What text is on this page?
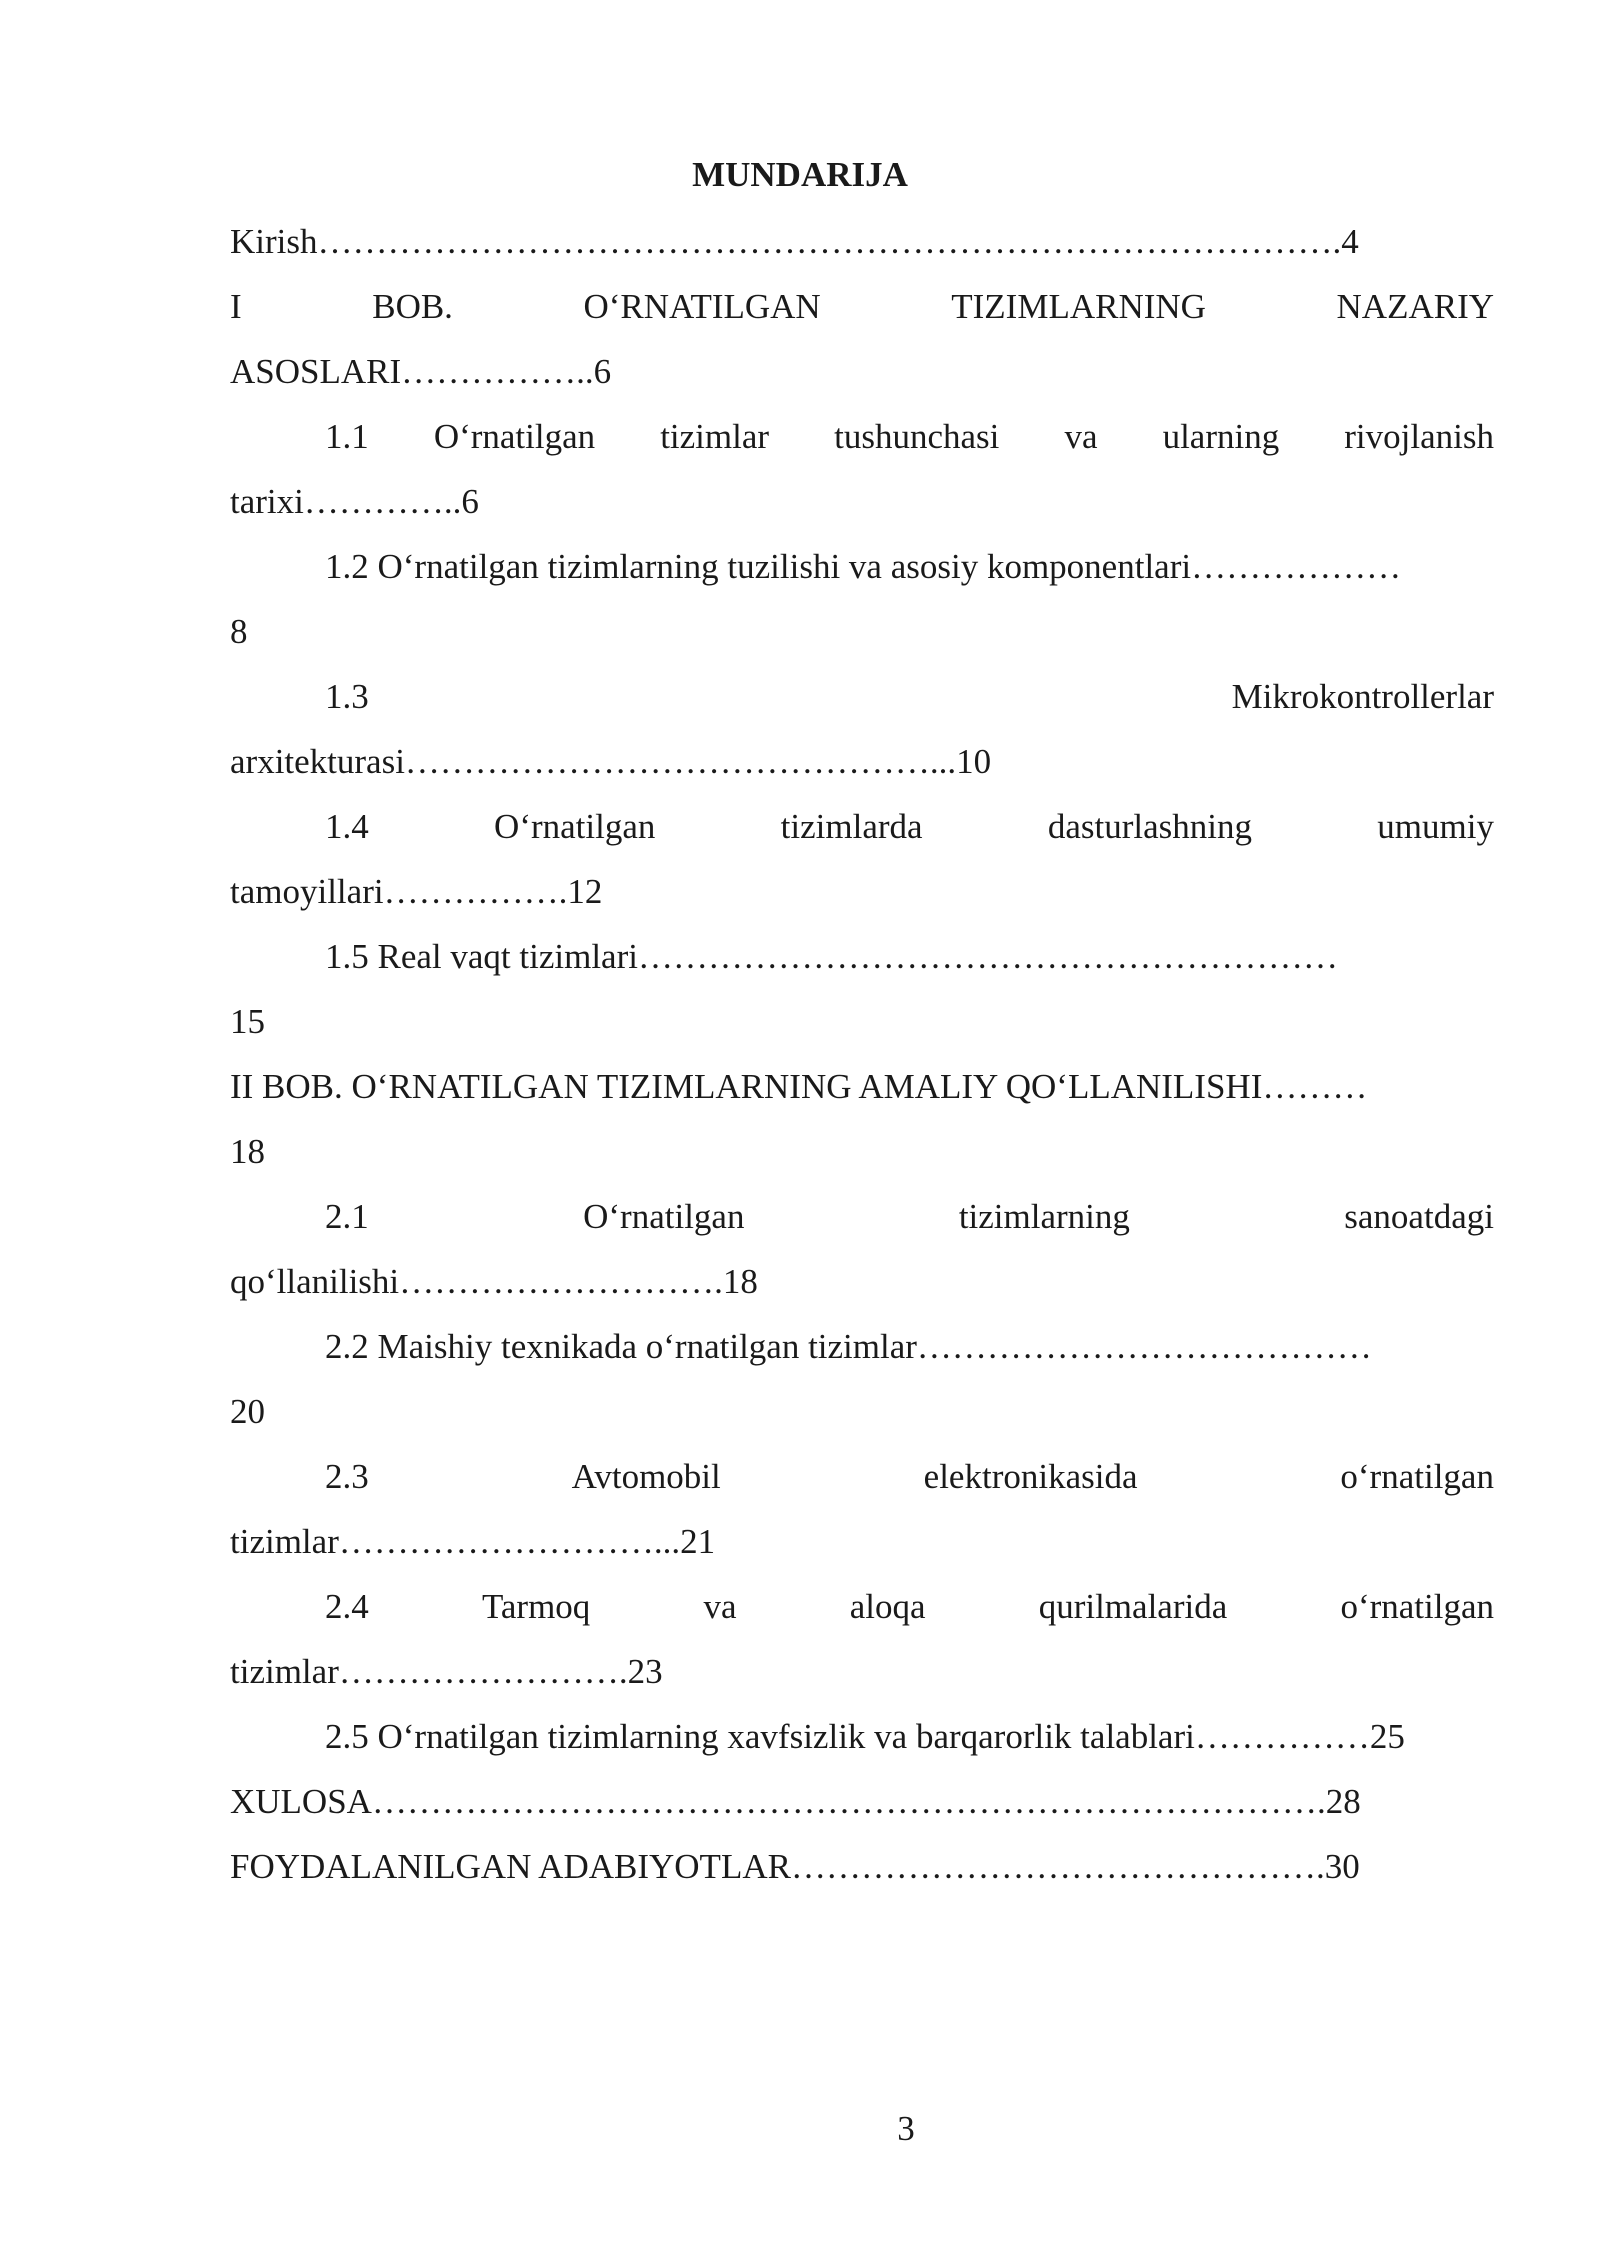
MUNDARIJA
Kirish…………………………………………………………………………….4
I	BOB.	O‘RNATILGAN	TIZIMLARNING	NAZARIY
ASOSLARI……………..6
1.1 O‘rnatilgan tizimlar tushunchasi va ularning rivojlanish
tarixi…………..6
1.2 O‘rnatilgan tizimlarning tuzilishi va asosiy komponentlari………………
8
1.3	Mikrokontrollerlar
arxitekturasi………………………………………...10
1.4	O‘rnatilgan	tizimlarda	dasturlashning	umumiy
tamoyillari…………….12
1.5 Real vaqt tizimlari……………………………………………………
15
II BOB. O‘RNATILGAN TIZIMLARNING AMALIY QO‘LLANILISHI………
18
2.1	O‘rnatilgan	tizimlarning	sanoatdagi
qo‘llanilishi……………………….18
2.2 Maishiy texnikada o‘rnatilgan tizimlar…………………………………
20
2.3	Avtomobil	elektronikasida	o‘rnatilgan
tizimlar………………………...21
2.4	Tarmoq	va	aloqa	qurilmalarida	o‘rnatilgan
tizimlar…………………….23
2.5 O‘rnatilgan tizimlarning xavfsizlik va barqarorlik talablari……………25
XULOSA……………………………………………………………………….28
FOYDALANILGAN ADABIYOTLAR……………………………………….30
3
